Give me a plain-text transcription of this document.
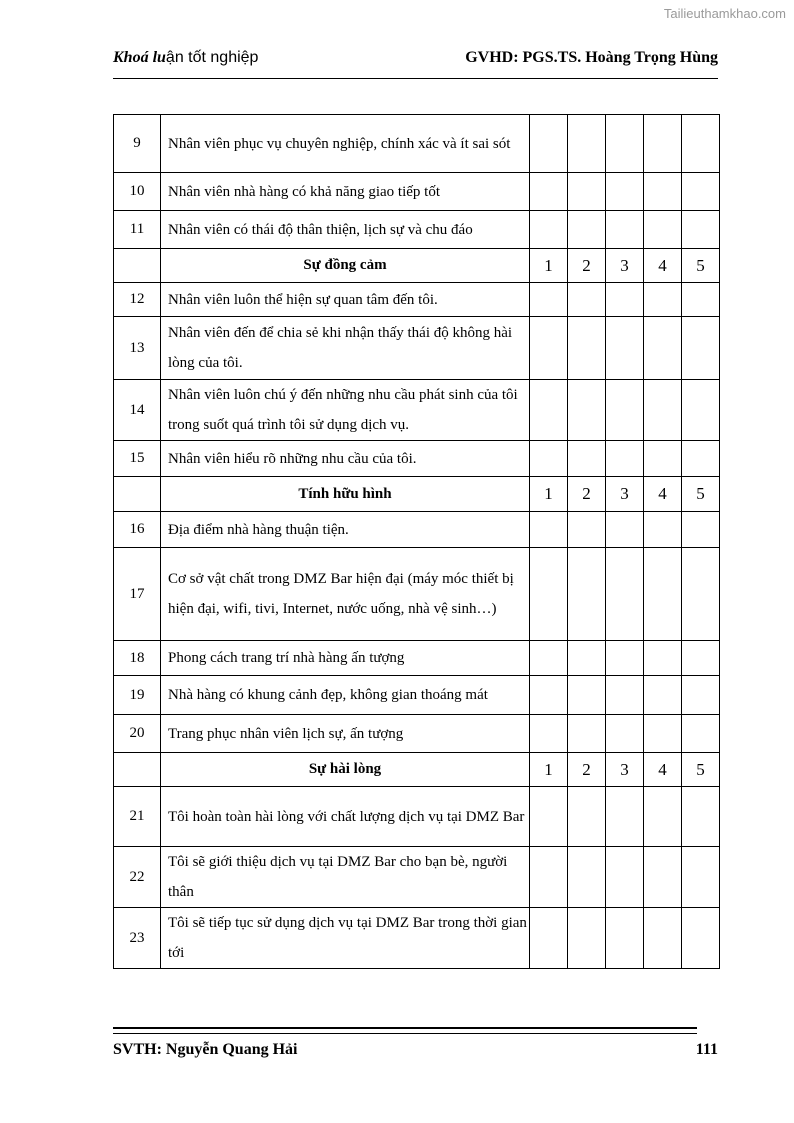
Tailieuthamkhao.com
Khoá luận tốt nghiệp	GVHD: PGS.TS. Hoàng Trọng Hùng
9	Nhân viên phục vụ chuyên nghiệp, chính xác và ít sai sót					
10	Nhân viên nhà hàng có khả năng giao tiếp tốt					
11	Nhân viên có thái độ thân thiện, lịch sự và chu đáo					
	Sự đồng cảm	1	2	3	4	5
12	Nhân viên luôn thể hiện sự quan tâm đến tôi.					
13	Nhân viên đến để chia sẻ khi nhận thấy thái độ không hài lòng của tôi.					
14	Nhân viên luôn chú ý đến những nhu cầu phát sinh của tôi trong suốt quá trình tôi sử dụng dịch vụ.					
15	Nhân viên hiểu rõ những nhu cầu của tôi.					
	Tính hữu hình	1	2	3	4	5
16	Địa điểm nhà hàng thuận tiện.					
17	Cơ sở vật chất trong DMZ Bar hiện đại (máy móc thiết bị hiện đại, wifi, tivi, Internet, nước uống, nhà vệ sinh…)					
18	Phong cách trang trí nhà hàng ấn tượng					
19	Nhà hàng có khung cảnh đẹp, không gian thoáng mát					
20	Trang phục nhân viên lịch sự, ấn tượng					
	Sự hài lòng	1	2	3	4	5
21	Tôi hoàn toàn hài lòng với chất lượng dịch vụ tại DMZ Bar					
22	Tôi sẽ giới thiệu dịch vụ tại DMZ Bar cho bạn bè, người thân					
23	Tôi sẽ tiếp tục sử dụng dịch vụ tại DMZ Bar trong thời gian tới					
SVTH: Nguyễn Quang Hải	111
